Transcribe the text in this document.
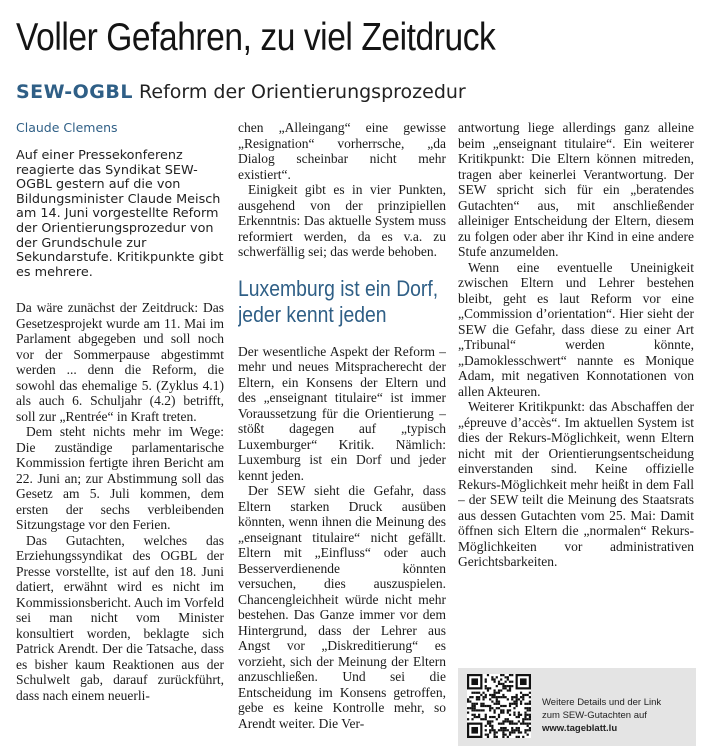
Voller Gefahren, zu viel Zeitdruck
SEW-OGBL Reform der Orientierungsprozedur

Claude Clemens

Auf einer Pressekonferenz reagierte das Syndikat SEW-OGBL gestern auf die von Bildungsminister Claude Meisch am 14. Juni vorgestellte Reform der Orientierungsprozedur von der Grundschule zur Sekundarstufe. Kritikpunkte gibt es mehrere.

Da wäre zunächst der Zeitdruck: Das Gesetzesprojekt wurde am 11. Mai im Parlament abgegeben und soll noch vor der Sommerpause abgestimmt werden ... denn die Reform, die sowohl das ehemalige 5. (Zyklus 4.1) als auch 6. Schuljahr (4.2) betrifft, soll zur „Rentrée“ in Kraft treten.

Dem steht nichts mehr im Wege: Die zuständige parlamentarische Kommission fertigte ihren Bericht am 22. Juni an; zur Abstimmung soll das Gesetz am 5. Juli kommen, dem ersten der sechs verbleibenden Sitzungstage vor den Ferien.

Das Gutachten, welches das Erziehungssyndikat des OGBL der Presse vorstellte, ist auf den 18. Juni datiert, erwähnt wird es nicht im Kommissionsbericht. Auch im Vorfeld sei man nicht vom Minister konsultiert worden, beklagte sich Patrick Arendt. Der die Tatsache, dass es bisher kaum Reaktionen aus der Schulwelt gab, darauf zurückführt, dass nach einem neuerli-

chen „Alleingang“ eine gewisse „Resignation“ vorherrsche, „da Dialog scheinbar nicht mehr existiert“.

Einigkeit gibt es in vier Punkten, ausgehend von der prinzipiellen Erkenntnis: Das aktuelle System muss reformiert werden, da es v.a. zu schwerfällig sei; das werde behoben.

Luxemburg ist ein Dorf, jeder kennt jeden

Der wesentliche Aspekt der Reform – mehr und neues Mitspracherecht der Eltern, ein Konsens der Eltern und des „enseignant titulaire“ ist immer Voraussetzung für die Orientierung – stößt dagegen auf „typisch Luxemburger“ Kritik. Nämlich: Luxemburg ist ein Dorf und jeder kennt jeden.

Der SEW sieht die Gefahr, dass Eltern starken Druck ausüben könnten, wenn ihnen die Meinung des „enseignant titulaire“ nicht gefällt. Eltern mit „Einfluss“ oder auch Besserverdienende könnten versuchen, dies auszuspielen. Chancengleichheit würde nicht mehr bestehen. Das Ganze immer vor dem Hintergrund, dass der Lehrer aus Angst vor „Diskreditierung“ es vorzieht, sich der Meinung der Eltern anzuschließen. Und sei die Entscheidung im Konsens getroffen, gebe es keine Kontrolle mehr, so Arendt weiter. Die Ver-

antwortung liege allerdings ganz alleine beim „enseignant titulaire“. Ein weiterer Kritikpunkt: Die Eltern können mitreden, tragen aber keinerlei Verantwortung. Der SEW spricht sich für ein „beratendes Gutachten“ aus, mit anschließender alleiniger Entscheidung der Eltern, diesem zu folgen oder aber ihr Kind in eine andere Stufe anzumelden.

Wenn eine eventuelle Uneinigkeit zwischen Eltern und Lehrer bestehen bleibt, geht es laut Reform vor eine „Commission d’orientation“. Hier sieht der SEW die Gefahr, dass diese zu einer Art „Tribunal“ werden könnte, „Damoklesschwert“ nannte es Monique Adam, mit negativen Konnotationen von allen Akteuren.

Weiterer Kritikpunkt: das Abschaffen der „épreuve d’accès“. Im aktuellen System ist dies der Rekurs-Möglichkeit, wenn Eltern nicht mit der Orientierungsentscheidung einverstanden sind. Keine offizielle Rekurs-Möglichkeit mehr heißt in dem Fall – der SEW teilt die Meinung des Staatsrats aus dessen Gutachten vom 25. Mai: Damit öffnen sich Eltern die „normalen“ Rekurs-Möglichkeiten vor administrativen Gerichtsbarkeiten.

Weitere Details und der Link
zum SEW-Gutachten auf
www.tageblatt.lu
